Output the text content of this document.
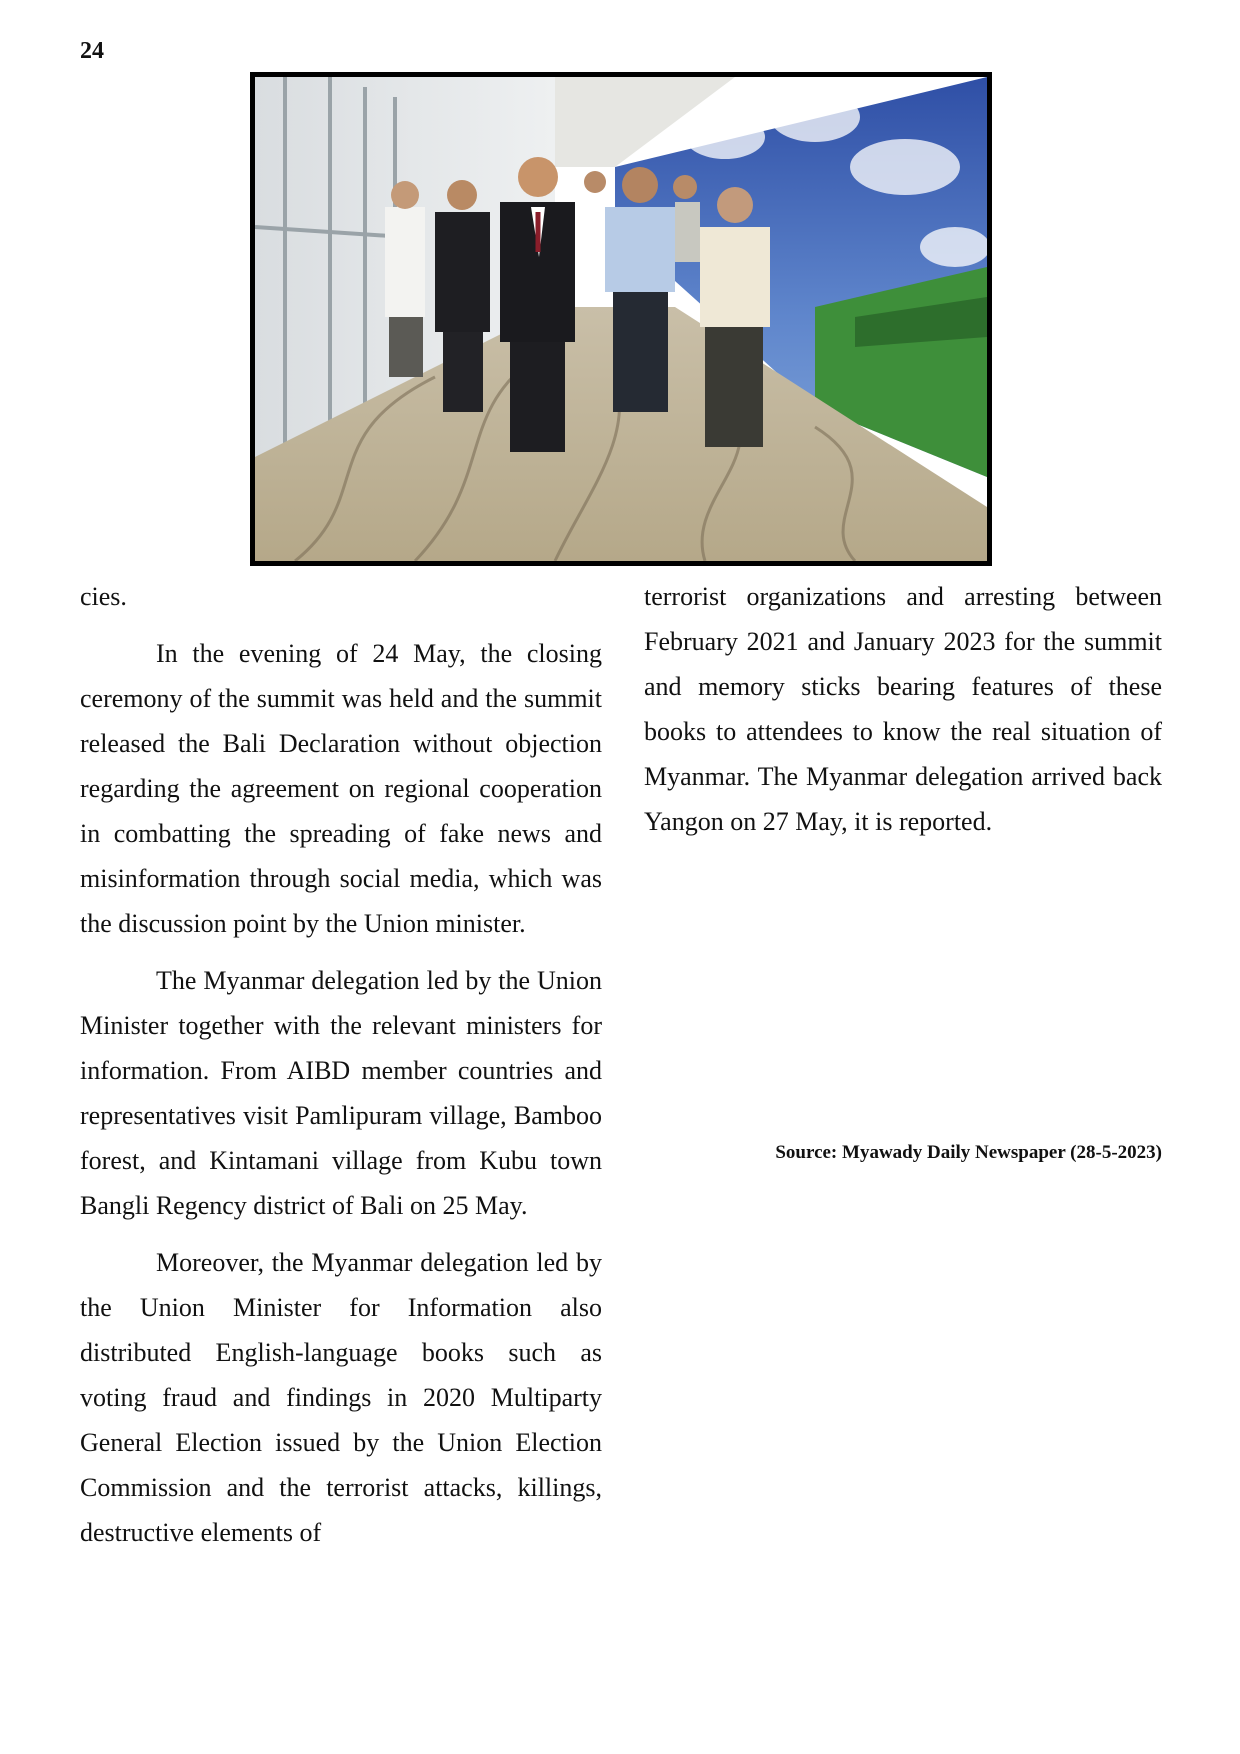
24

cies.

In the evening of 24 May, the closing ceremony of the summit was held and the summit released the Bali Declaration without objection regarding the agreement on regional cooperation in combatting the spreading of fake news and misinformation through social media, which was the discussion point by the Union minister.

The Myanmar delegation led by the Union Minister together with the relevant ministers for information. From AIBD member countries and representatives visit Pamlipuram village, Bamboo forest, and Kintamani village from Kubu town Bangli Regency district of Bali on 25 May.

Moreover, the Myanmar delegation led by the Union Minister for Information also distributed English-language books such as voting fraud and findings in 2020 Multiparty General Election issued by the Union Election Commission and the terrorist attacks, killings, destructive elements of

terrorist organizations and arresting between February 2021 and January 2023 for the summit and memory sticks bearing features of these books to attendees to know the real situation of Myanmar. The Myanmar delegation arrived back Yangon on 27 May, it is reported.

Source: Myawady Daily Newspaper (28-5-2023)
